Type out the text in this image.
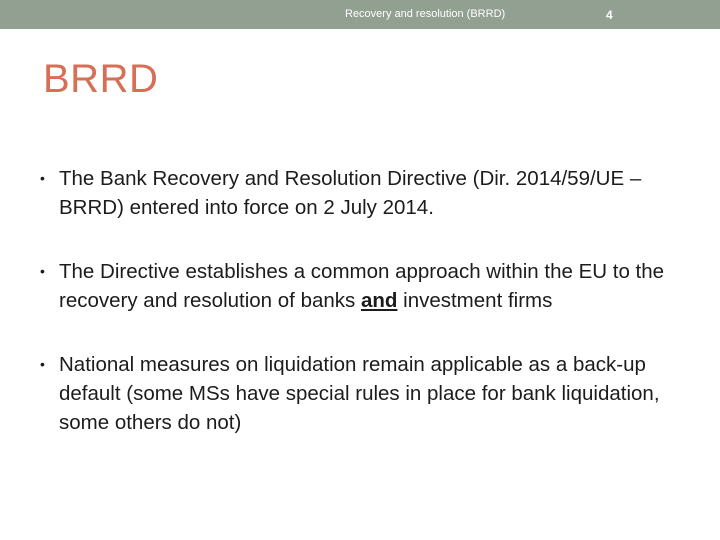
Recovery and resolution (BRRD)	4
BRRD
• The Bank Recovery and Resolution Directive (Dir. 2014/59/UE –BRRD) entered into force on 2 July 2014.
• The Directive establishes a common approach within the EU to the recovery and resolution of banks and investment firms
• National measures on liquidation remain applicable as a back-up default (some MSs have special rules in place for bank liquidation, some others do not)
